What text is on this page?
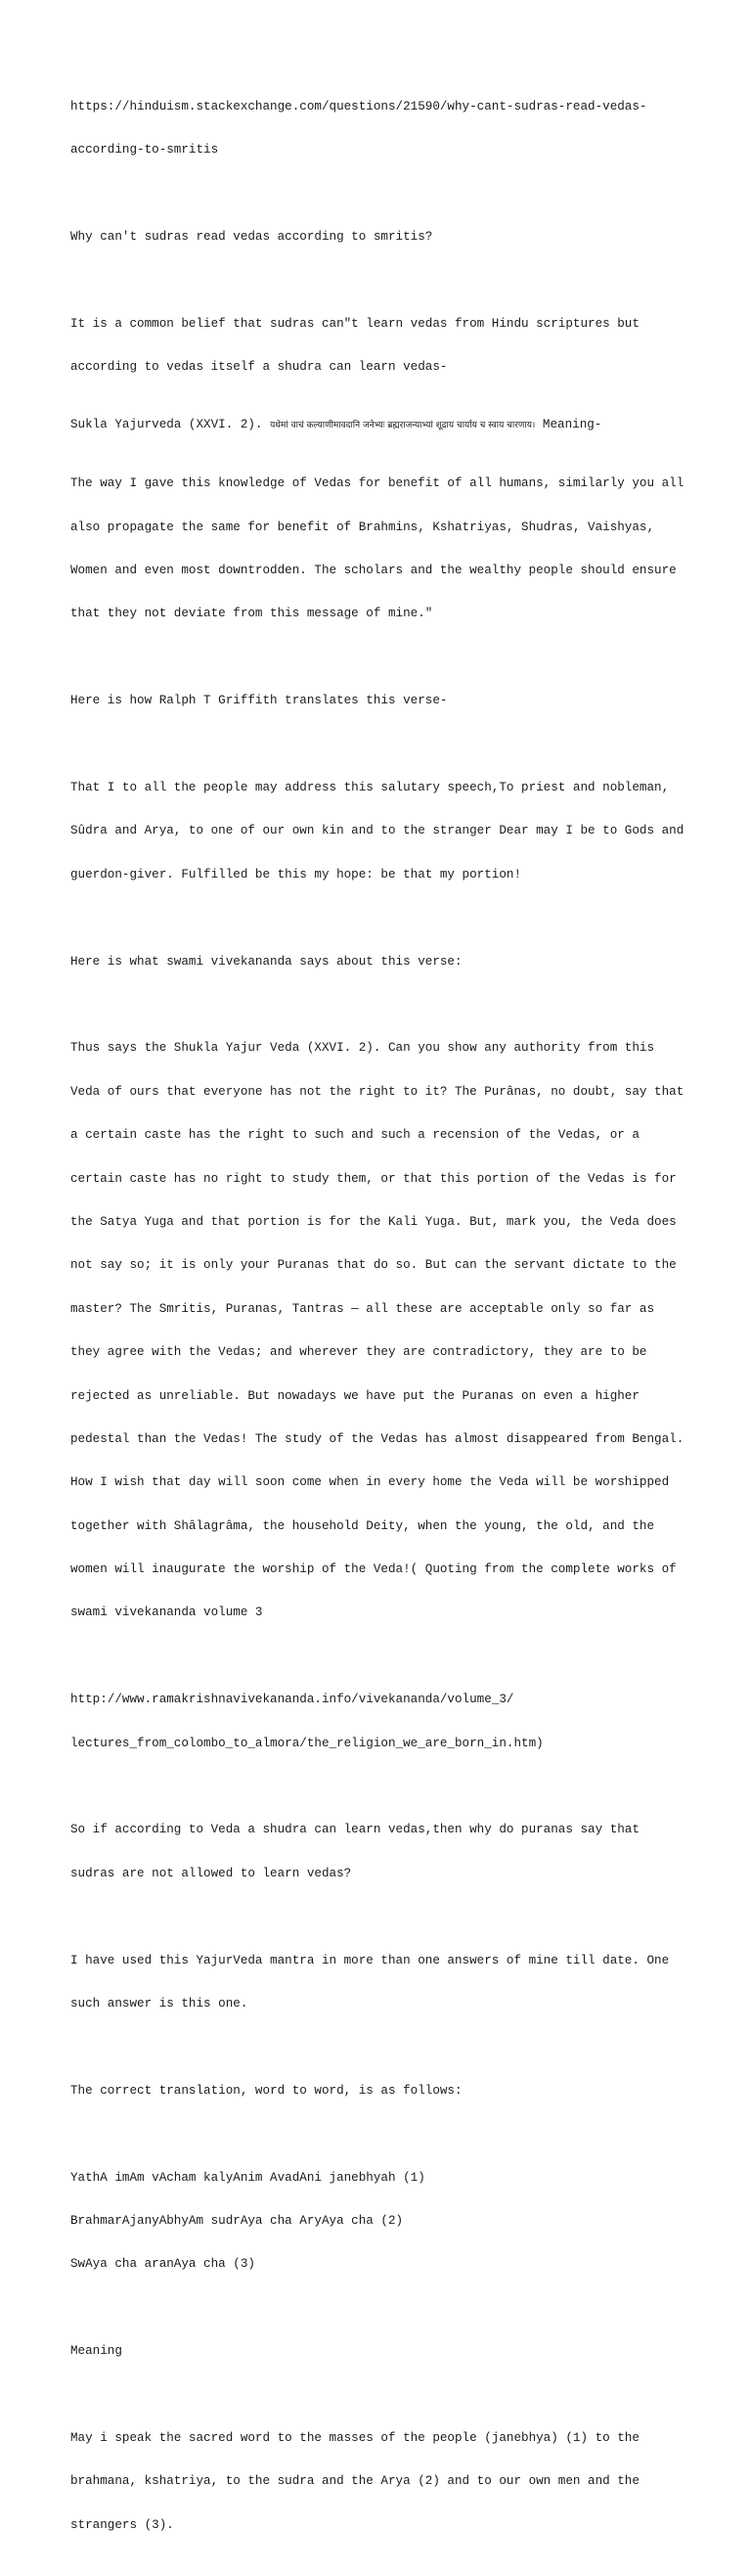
https://hinduism.stackexchange.com/questions/21590/why-cant-sudras-read-vedas-

according-to-smritis

Why can't sudras read vedas according to smritis?

It is a common belief that sudras can"t learn vedas from Hindu scriptures but

according to vedas itself a shudra can learn vedas-

Sukla Yajurveda (XXVI. 2). यथेमां वाचं कल्याणीमावदानि जनेभ्यः ब्रह्मराजन्याभ्यां शूद्राय चार्याय च स्वाय चारणाय। Meaning-

The way I gave this knowledge of Vedas for benefit of all humans, similarly you all

also propagate the same for benefit of Brahmins, Kshatriyas, Shudras, Vaishyas,

Women and even most downtrodden. The scholars and the wealthy people should ensure

that they not deviate from this message of mine."

Here is how Ralph T Griffith translates this verse-

That I to all the people may address this salutary speech,To priest and nobleman,

Sûdra and Arya, to one of our own kin and to the stranger Dear may I be to Gods and

guerdon-giver. Fulfilled be this my hope: be that my portion!

Here is what swami vivekananda says about this verse:

Thus says the Shukla Yajur Veda (XXVI. 2). Can you show any authority from this

Veda of ours that everyone has not the right to it? The Purânas, no doubt, say that

a certain caste has the right to such and such a recension of the Vedas, or a

certain caste has no right to study them, or that this portion of the Vedas is for

the Satya Yuga and that portion is for the Kali Yuga. But, mark you, the Veda does

not say so; it is only your Puranas that do so. But can the servant dictate to the

master? The Smritis, Puranas, Tantras — all these are acceptable only so far as

they agree with the Vedas; and wherever they are contradictory, they are to be

rejected as unreliable. But nowadays we have put the Puranas on even a higher

pedestal than the Vedas! The study of the Vedas has almost disappeared from Bengal.

How I wish that day will soon come when in every home the Veda will be worshipped

together with Shâlagrâma, the household Deity, when the young, the old, and the

women will inaugurate the worship of the Veda!( Quoting from the complete works of

swami vivekananda volume 3

http://www.ramakrishnavivekananda.info/vivekananda/volume_3/

lectures_from_colombo_to_almora/the_religion_we_are_born_in.htm)

So if according to Veda a shudra can learn vedas,then why do puranas say that

sudras are not allowed to learn vedas?

I have used this YajurVeda mantra in more than one answers of mine till date. One

such answer is this one.

The correct translation, word to word, is as follows:

YathA imAm vAcham kalyAnim AvadAni janebhyah (1)

BrahmarAjanyAbhyAm sudrAya cha AryAya cha (2)

SwAya cha aranAya cha (3)

Meaning

May i speak the sacred word to the masses of the people (janebhya) (1) to the

brahmana, kshatriya, to the sudra and the Arya (2) and to our own men and the

strangers (3).
